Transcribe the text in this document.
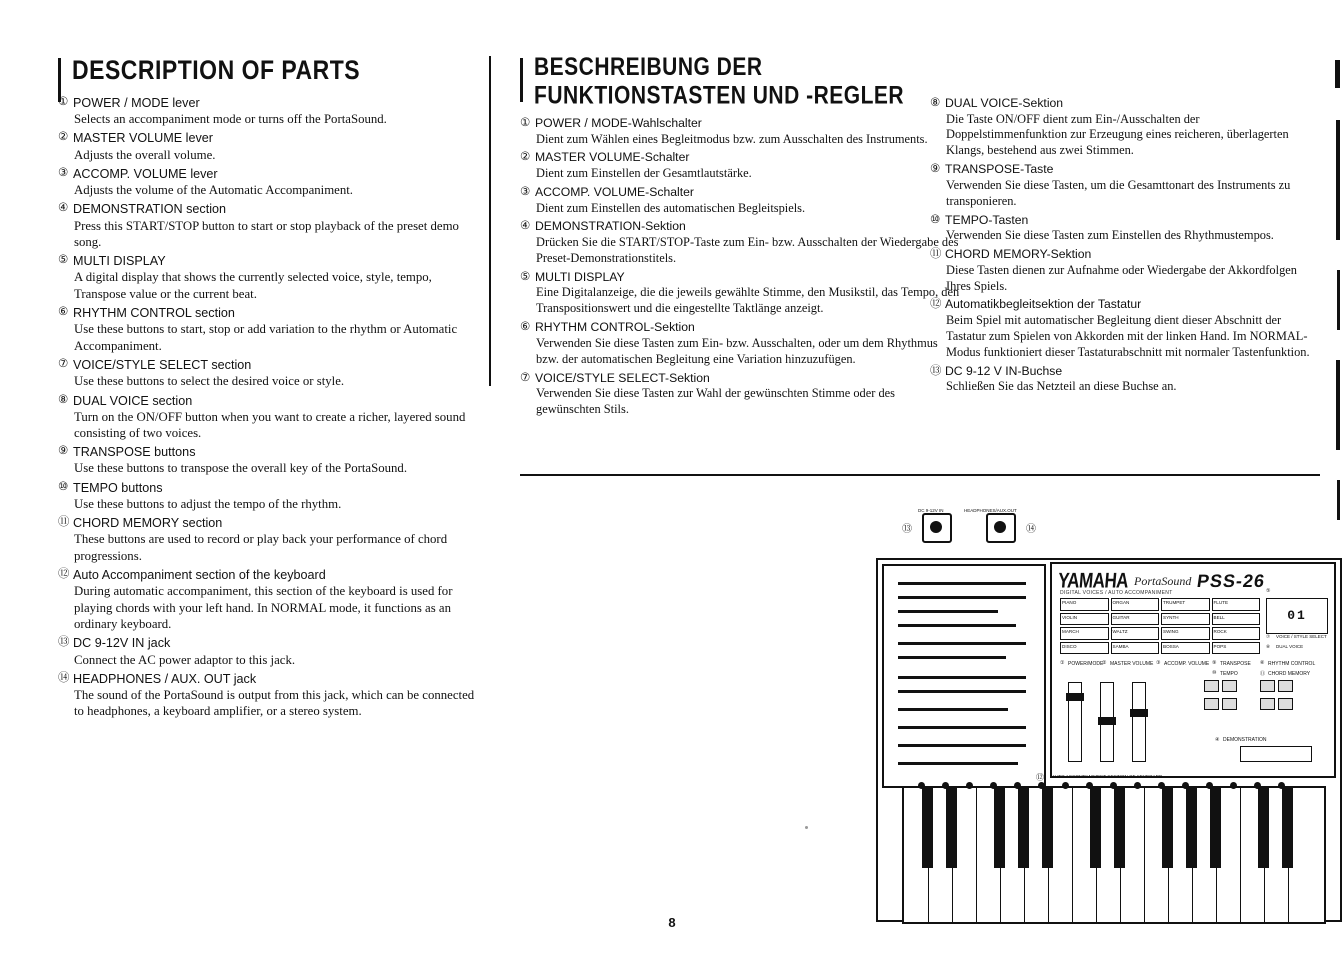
DESCRIPTION OF PARTS
① POWER / MODE lever
Selects an accompaniment mode or turns off the PortaSound.
② MASTER VOLUME lever
Adjusts the overall volume.
③ ACCOMP. VOLUME lever
Adjusts the volume of the Automatic Accompaniment.
④ DEMONSTRATION section
Press this START/STOP button to start or stop playback of the preset demo song.
⑤ MULTI DISPLAY
A digital display that shows the currently selected voice, style, tempo, Transpose value or the current beat.
⑥ RHYTHM CONTROL section
Use these buttons to start, stop or add variation to the rhythm or Automatic Accompaniment.
⑦ VOICE/STYLE SELECT section
Use these buttons to select the desired voice or style.
⑧ DUAL VOICE section
Turn on the ON/OFF button when you want to create a richer, layered sound consisting of two voices.
⑨ TRANSPOSE buttons
Use these buttons to transpose the overall key of the PortaSound.
⑩ TEMPO buttons
Use these buttons to adjust the tempo of the rhythm.
⑪ CHORD MEMORY section
These buttons are used to record or play back your performance of chord progressions.
⑫ Auto Accompaniment section of the keyboard
During automatic accompaniment, this section of the keyboard is used for playing chords with your left hand. In NORMAL mode, it functions as an ordinary keyboard.
⑬ DC 9-12V IN jack
Connect the AC power adaptor to this jack.
⑭ HEADPHONES / AUX. OUT jack
The sound of the PortaSound is output from this jack, which can be connected to headphones, a keyboard amplifier, or a stereo system.
BESCHREIBUNG DER FUNKTIONSTASTEN UND -REGLER
① POWER / MODE-Wahlschalter
Dient zum Wählen eines Begleitmodus bzw. zum Ausschalten des Instruments.
② MASTER VOLUME-Schalter
Dient zum Einstellen der Gesamtlautstärke.
③ ACCOMP. VOLUME-Schalter
Dient zum Einstellen des automatischen Begleitspiels.
④ DEMONSTRATION-Sektion
Drücken Sie die START/STOP-Taste zum Ein- bzw. Ausschalten der Wiedergabe des Preset-Demonstrationstitels.
⑤ MULTI DISPLAY
Eine Digitalanzeige, die die jeweils gewählte Stimme, den Musikstil, das Tempo, den Transpositionswert und die eingestellte Taktlänge anzeigt.
⑥ RHYTHM CONTROL-Sektion
Verwenden Sie diese Tasten zum Ein- bzw. Ausschalten, oder um dem Rhythmus bzw. der automatischen Begleitung eine Variation hinzuzufügen.
⑦ VOICE/STYLE SELECT-Sektion
Verwenden Sie diese Tasten zur Wahl der gewünschten Stimme oder des gewünschten Stils.
⑧ DUAL VOICE-Sektion
Die Taste ON/OFF dient zum Ein-/Ausschalten der Doppelstimmenfunktion zur Erzeugung eines reicheren, überlagerten Klangs, bestehend aus zwei Stimmen.
⑨ TRANSPOSE-Taste
Verwenden Sie diese Tasten, um die Gesamttonart des Instruments zu transponieren.
⑩ TEMPO-Tasten
Verwenden Sie diese Tasten zum Einstellen des Rhythmustempos.
⑪ CHORD MEMORY-Sektion
Diese Tasten dienen zur Aufnahme oder Wiedergabe der Akkordfolgen Ihres Spiels.
⑫ Automatikbegleitsektion der Tastatur
Beim Spiel mit automatischer Begleitung dient dieser Abschnitt der Tastatur zum Spielen von Akkorden mit der linken Hand. Im NORMAL-Modus funktioniert dieser Tastaturabschnitt mit normaler Tastenfunktion.
⑬ DC 9-12 V IN-Buchse
Schließen Sie das Netzteil an diese Buchse an.
⑬
DC 9-12V IN	HEADPHONES/AUX.OUT
⑭
YAMAHA PortaSound PSS-26
DIGITAL VOICES / AUTO ACCOMPANIMENT
PIANO	ORGAN	TRUMPET	FLUTE
VIOLIN	GUITAR	SYNTH	BELL
MARCH	WALTZ	SWING	ROCK
DISCO	SAMBA	BOSSA	POPS
01
① POWER/MODE
② MASTER VOLUME ③ ACCOMP. VOLUME ⑨ TRANSPOSE ⑥ RHYTHM CONTROL
⑩ TEMPO	⑪ CHORD MEMORY
④ DEMONSTRATION
⑤
⑦ VOICE / STYLE SELECT
⑧ DUAL VOICE
⑫ AUTO ACCOMPANIMENT SECTION OF KEYBOARD
8
